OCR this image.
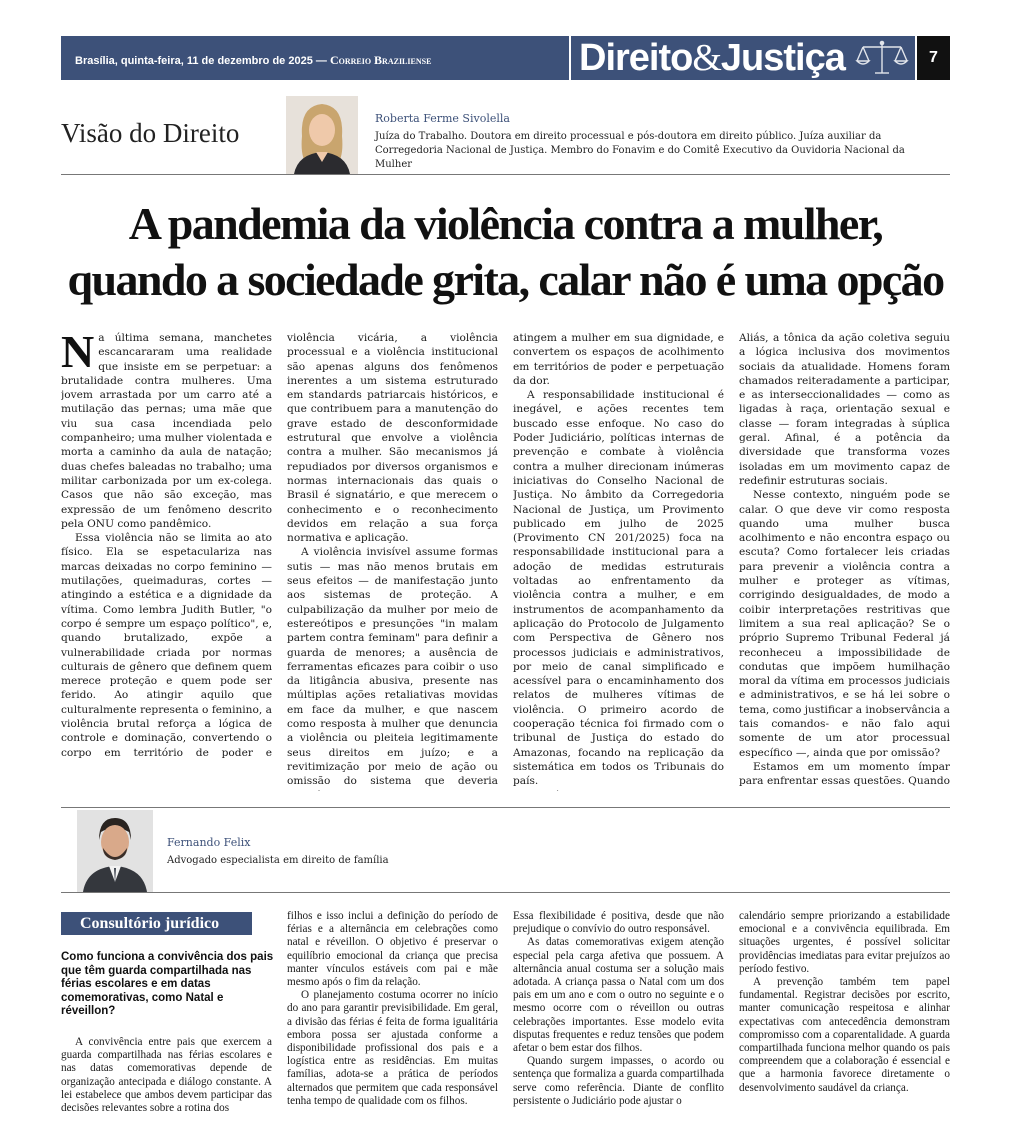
Brasília, quinta-feira, 11 de dezembro de 2025 — Correio Braziliense	Direito&Justiça	7
Visão do Direito	Roberta Ferme Sivolella
Juíza do Trabalho. Doutora em direito processual e pós-doutora em direito público. Juíza auxiliar da Corregedoria Nacional de Justiça. Membro do Fonavim e do Comitê Executivo da Ouvidoria Nacional da Mulher
A pandemia da violência contra a mulher,
quando a sociedade grita, calar não é uma opção

Na última semana, manchetes escancararam uma realidade que insiste em se perpetuar: a brutalidade contra mulheres. Uma jovem arrastada por um carro até a mutilação das pernas; uma mãe que viu sua casa incendiada pelo companheiro; uma mulher violentada e morta a caminho da aula de natação; duas chefes baleadas no trabalho; uma militar carbonizada por um ex-colega. Casos que não são exceção, mas expressão de um fenômeno descrito pela ONU como pandêmico.

Essa violência não se limita ao ato físico. Ela se espetaculariza nas marcas deixadas no corpo feminino — mutilações, queimaduras, cortes — atingindo a estética e a dignidade da vítima. Como lembra Judith Butler, "o corpo é sempre um espaço político", e, quando brutalizado, expõe a vulnerabilidade criada por normas culturais de gênero que definem quem merece proteção e quem pode ser ferido. Ao atingir aquilo que culturalmente representa o feminino, a violência brutal reforça a lógica de controle e dominação, convertendo o corpo em território de poder e

violência vicária, a violência processual e a violência institucional são apenas alguns dos fenômenos inerentes a um sistema estruturado em standards patriarcais históricos, e que contribuem para a manutenção do grave estado de desconformidade estrutural que envolve a violência contra a mulher. São mecanismos já repudiados por diversos organismos e normas internacionais das quais o Brasil é signatário, e que merecem o conhecimento e o reconhecimento devidos em relação a sua força normativa e aplicação.

A violência invisível assume formas sutis — mas não menos brutais em seus efeitos — de manifestação junto aos sistemas de proteção. A culpabilização da mulher por meio de estereótipos e presunções "in malam partem contra feminam" para definir a guarda de menores; a ausência de ferramentas eficazes para coibir o uso da litigância abusiva, presente nas múltiplas ações retaliativas movidas em face da mulher, e que nascem como resposta à mulher que denuncia a violência ou pleiteia legitimamente seus direitos em juízo; e a revitimização por meio de ação ou omissão do sistema que deveria

atingem a mulher em sua dignidade, e convertem os espaços de acolhimento em territórios de poder e perpetuação da dor.

A responsabilidade institucional é inegável, e ações recentes tem buscado esse enfoque. No caso do Poder Judiciário, políticas internas de prevenção e combate à violência contra a mulher direcionam inúmeras iniciativas do Conselho Nacional de Justiça. No âmbito da Corregedoria Nacional de Justiça, um Provimento publicado em julho de 2025 (Provimento CN 201/2025) foca na responsabilidade institucional para a adoção de medidas estruturais voltadas ao enfrentamento da violência contra a mulher, e em instrumentos de acompanhamento da aplicação do Protocolo de Julgamento com Perspectiva de Gênero nos processos judiciais e administrativos, por meio de canal simplificado e acessível para o encaminhamento dos relatos de mulheres vítimas de violência. O primeiro acordo de cooperação técnica foi firmado com o tribunal de Justiça do estado do Amazonas, focando na replicação da sistemática em todos os Tribunais do país.

Aliás, a tônica da ação coletiva seguiu a lógica inclusiva dos movimentos sociais da atualidade. Homens foram chamados reiteradamente a participar, e as interseccionalidades — como as ligadas à raça, orientação sexual e classe — foram integradas à súplica geral. Afinal, é a potência da diversidade que transforma vozes isoladas em um movimento capaz de redefinir estruturas sociais.

Nesse contexto, ninguém pode se calar. O que deve vir como resposta quando uma mulher busca acolhimento e não encontra espaço ou escuta? Como fortalecer leis criadas para prevenir a violência contra a mulher e proteger as vítimas, corrigindo desigualdades, de modo a coibir interpretações restritivas que limitem a sua real aplicação? Se o próprio Supremo Tribunal Federal já reconheceu a impossibilidade de condutas que impõem humilhação moral da vítima em processos judiciais e administrativos, e se há lei sobre o tema, como justificar a inobservância a tais comandos- e não falo aqui somente de um ator processual específico —, ainda que por omissão?

Estamos em um momento ímpar para enfrentar essas questões. Quando

Fernando Felix
Advogado especialista em direito de família
Consultório jurídico
Como funciona a convivência dos pais que têm guarda compartilhada nas férias escolares e em datas comemorativas, como Natal e réveillon?

A convivência entre pais que exercem a guarda compartilhada nas férias escolares e nas datas comemorativas depende de organização antecipada e diálogo constante. A lei estabelece que ambos devem participar das decisões relevantes sobre a rotina dos

filhos e isso inclui a definição do período de férias e a alternância em celebrações como natal e réveillon. O objetivo é preservar o equilíbrio emocional da criança que precisa manter vínculos estáveis com pai e mãe mesmo após o fim da relação.

O planejamento costuma ocorrer no início do ano para garantir previsibilidade. Em geral, a divisão das férias é feita de forma igualitária embora possa ser ajustada conforme a disponibilidade profissional dos pais e a logística entre as residências. Em muitas famílias, adota-se a prática de períodos alternados que permitem que cada responsável tenha tempo de qualidade com os filhos.

Essa flexibilidade é positiva, desde que não prejudique o convívio do outro responsável.

As datas comemorativas exigem atenção especial pela carga afetiva que possuem. A alternância anual costuma ser a solução mais adotada. A criança passa o Natal com um dos pais em um ano e com o outro no seguinte e o mesmo ocorre com o réveillon ou outras celebrações importantes. Esse modelo evita disputas frequentes e reduz tensões que podem afetar o bem estar dos filhos.

Quando surgem impasses, o acordo ou sentença que formaliza a guarda compartilhada serve como referência. Diante de conflito persistente o Judiciário pode ajustar o

calendário sempre priorizando a estabilidade emocional e a convivência equilibrada. Em situações urgentes, é possível solicitar providências imediatas para evitar prejuízos ao período festivo.

A prevenção também tem papel fundamental. Registrar decisões por escrito, manter comunicação respeitosa e alinhar expectativas com antecedência demonstram compromisso com a coparentalidade. A guarda compartilhada funciona melhor quando os pais compreendem que a colaboração é essencial e que a harmonia favorece diretamente o desenvolvimento saudável da criança.
